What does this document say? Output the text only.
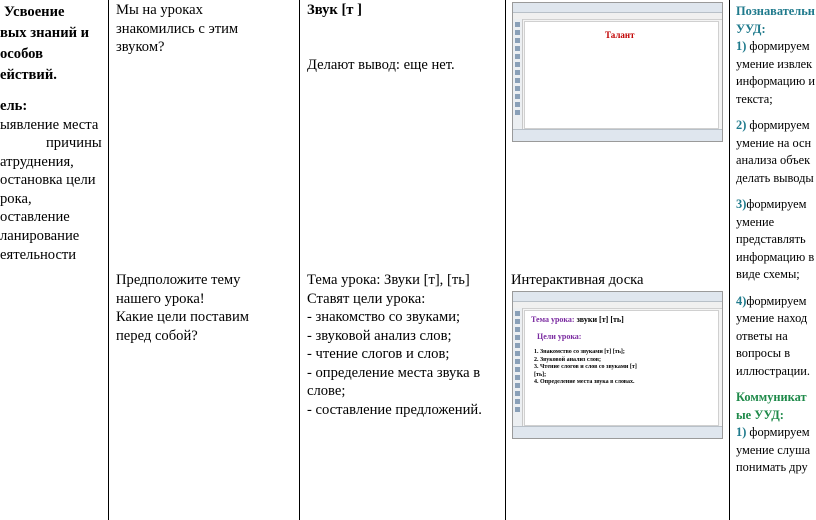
Усвоение
вых знаний и
особов
ействий.
ель:
ыявление места
причины
атруднения,
остановка цели
рока,
оставление
ланирование
еятельности
Мы на уроках
знакомились с этим
звуком?
Предположите тему
нашего урока!
Какие цели поставим
перед собой?
Звук [т ]
Делают вывод: еще нет.
Тема урока: Звуки [т], [ть]
Ставят цели урока:
- знакомство со звуками;
- звуковой анализ слов;
- чтение слогов и слов;
- определение места звука в
слове;
- составление предложений.
Талант
Интерактивная доска
Тема урока: звуки [т] [ть]
Цели урока:
1. Знакомство со звуками [т] [ть];
2. Звуковой анализ слов;
3. Чтение слогов и слов со звуками [т]
[ть];
4. Определение места звука в словах.

Познавательн
УУД:
1) формируем
умение извлек
информацию и
текста;

2) формируем
умение на осн
анализа объек
делать выводы

3)формируем
умение
представлять
информацию в
виде схемы;

4)формируем
умение наход
ответы на
вопросы в
иллюстрации.

Коммуникат
ые УУД:
1) формируем
умение слуша
понимать дру
